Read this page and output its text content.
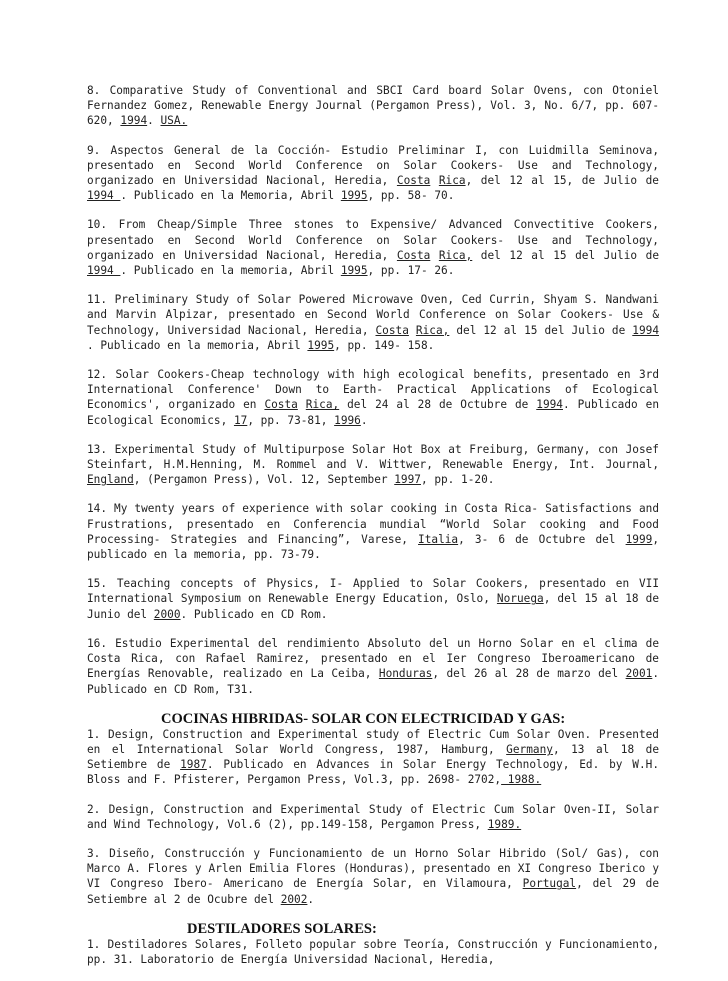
8. Comparative Study of Conventional and SBCI Card board Solar Ovens, con Otoniel Fernandez Gomez, Renewable Energy Journal (Pergamon Press), Vol. 3, No. 6/7, pp. 607- 620, 1994. USA.

9. Aspectos General de la Cocción- Estudio Preliminar I, con Luidmilla Seminova, presentado en Second World Conference on Solar Cookers- Use and Technology, organizado en Universidad Nacional, Heredia, Costa Rica, del 12 al 15, de Julio de 1994 . Publicado en la Memoria, Abril 1995, pp. 58- 70.

10. From Cheap/Simple Three stones to Expensive/ Advanced Convectitive Cookers, presentado en Second World Conference on Solar Cookers- Use and Technology, organizado en Universidad Nacional, Heredia, Costa Rica, del 12 al 15 del Julio de 1994 . Publicado en la memoria, Abril 1995, pp. 17- 26.

11. Preliminary Study of Solar Powered Microwave Oven, Ced Currin, Shyam S. Nandwani and Marvin Alpizar, presentado en Second World Conference on Solar Cookers- Use & Technology, Universidad Nacional, Heredia, Costa Rica, del 12 al 15 del Julio de 1994 . Publicado en la memoria, Abril 1995, pp. 149- 158.

12. Solar Cookers-Cheap technology with high ecological benefits, presentado en 3rd International Conference' Down to Earth- Practical Applications of Ecological Economics', organizado en Costa Rica, del 24 al 28 de Octubre de 1994. Publicado en Ecological Economics, 17, pp. 73-81, 1996.

13. Experimental Study of Multipurpose Solar Hot Box at Freiburg, Germany, con Josef Steinfart, H.M.Henning, M. Rommel and V. Wittwer, Renewable Energy, Int. Journal, England, (Pergamon Press), Vol. 12, September 1997, pp. 1-20.

14. My twenty years of experience with solar cooking in Costa Rica- Satisfactions and Frustrations, presentado en Conferencia mundial “World Solar cooking and Food Processing- Strategies and Financing”, Varese, Italia, 3- 6 de Octubre del 1999, publicado en la memoria, pp. 73-79.

15. Teaching concepts of Physics, I- Applied to Solar Cookers, presentado en VII International Symposium on Renewable Energy Education, Oslo, Noruega, del 15 al 18 de Junio del 2000. Publicado en CD Rom.

16. Estudio Experimental del rendimiento Absoluto del un Horno Solar en el clima de Costa Rica, con Rafael Ramirez, presentado en el Ier Congreso Iberoamericano de Energías Renovable, realizado en La Ceiba, Honduras, del 26 al 28 de marzo del 2001. Publicado en CD Rom, T31.

COCINAS HIBRIDAS- SOLAR CON ELECTRICIDAD Y GAS:

1. Design, Construction and Experimental study of Electric Cum Solar Oven. Presented en el International Solar World Congress, 1987, Hamburg, Germany, 13 al 18 de Setiembre de 1987. Publicado en Advances in Solar Energy Technology, Ed. by W.H. Bloss and F. Pfisterer, Pergamon Press, Vol.3, pp. 2698- 2702, 1988.

2. Design, Construction and Experimental Study of Electric Cum Solar Oven-II, Solar and Wind Technology, Vol.6 (2), pp.149-158, Pergamon Press, 1989.

3. Diseño, Construcción y Funcionamiento de un Horno Solar Hibrido (Sol/ Gas), con Marco A. Flores y Arlen Emilia Flores (Honduras), presentado en XI Congreso Iberico y VI Congreso Ibero- Americano de Energía Solar, en Vilamoura, Portugal, del 29 de Setiembre al 2 de Ocubre del 2002.

DESTILADORES SOLARES:

1. Destiladores Solares, Folleto popular sobre Teoría, Construcción y Funcionamiento, pp. 31. Laboratorio de Energía Universidad Nacional, Heredia,
